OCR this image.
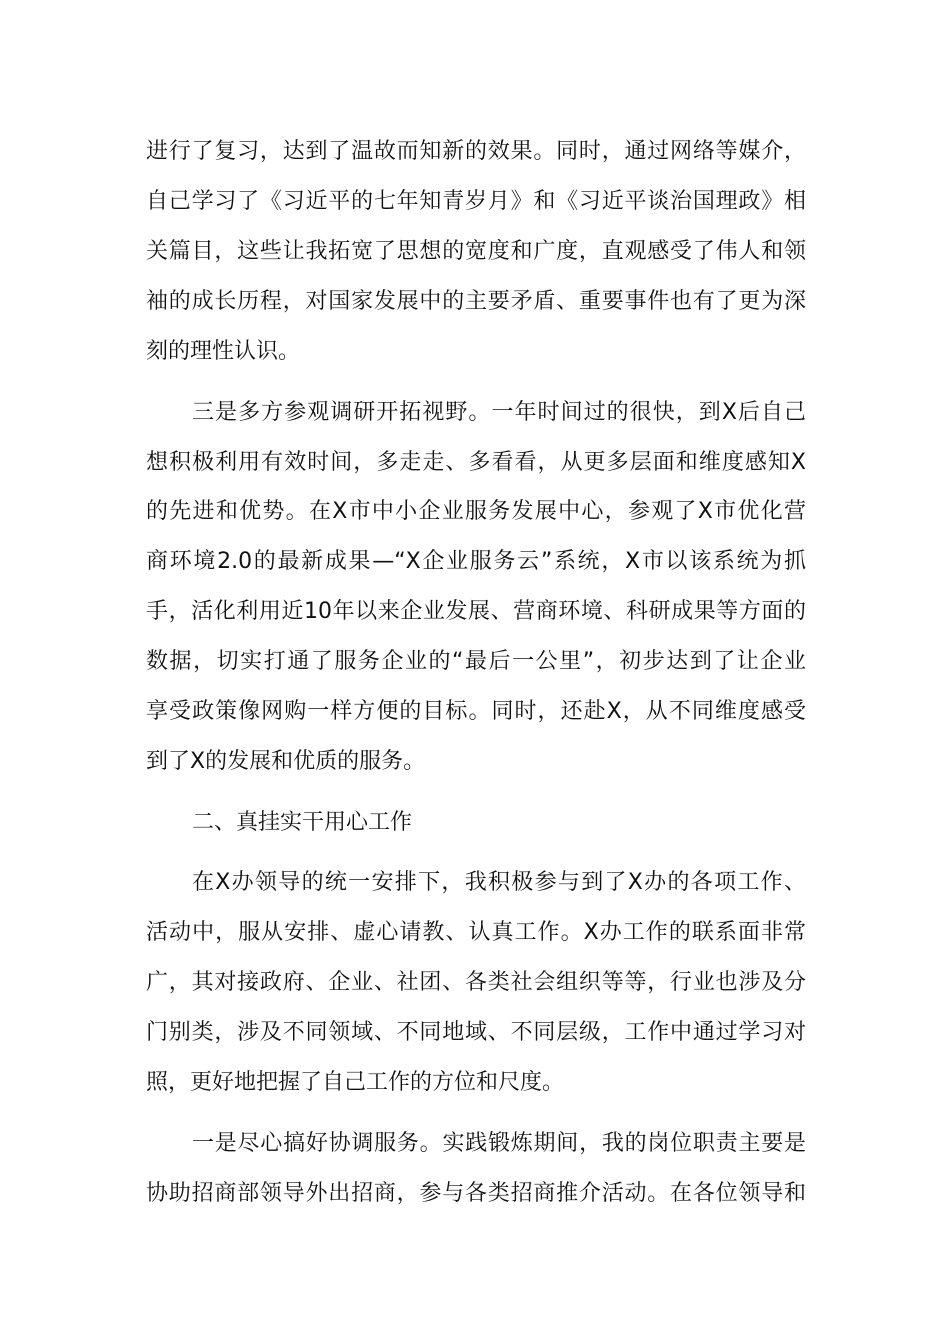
进行了复习，达到了温故而知新的效果。同时，通过网络等媒介，

自己学习了《习近平的七年知青岁月》和《习近平谈治国理政》相

关篇目，这些让我拓宽了思想的宽度和广度，直观感受了伟人和领

袖的成长历程，对国家发展中的主要矛盾、重要事件也有了更为深

刻的理性认识。

三是多方参观调研开拓视野。一年时间过的很快，到X后自己

想积极利用有效时间，多走走、多看看，从更多层面和维度感知X

的先进和优势。在X市中小企业服务发展中心，参观了X市优化营

商环境2.0的最新成果—“X企业服务云”系统，X市以该系统为抓

手，活化利用近10年以来企业发展、营商环境、科研成果等方面的

数据，切实打通了服务企业的“最后一公里”，初步达到了让企业

享受政策像网购一样方便的目标。同时，还赴X，从不同维度感受

到了X的发展和优质的服务。

二、真挂实干用心工作

在X办领导的统一安排下，我积极参与到了X办的各项工作、

活动中，服从安排、虚心请教、认真工作。X办工作的联系面非常

广，其对接政府、企业、社团、各类社会组织等等，行业也涉及分

门别类，涉及不同领域、不同地域、不同层级，工作中通过学习对

照，更好地把握了自己工作的方位和尺度。

一是尽心搞好协调服务。实践锻炼期间，我的岗位职责主要是

协助招商部领导外出招商，参与各类招商推介活动。在各位领导和
